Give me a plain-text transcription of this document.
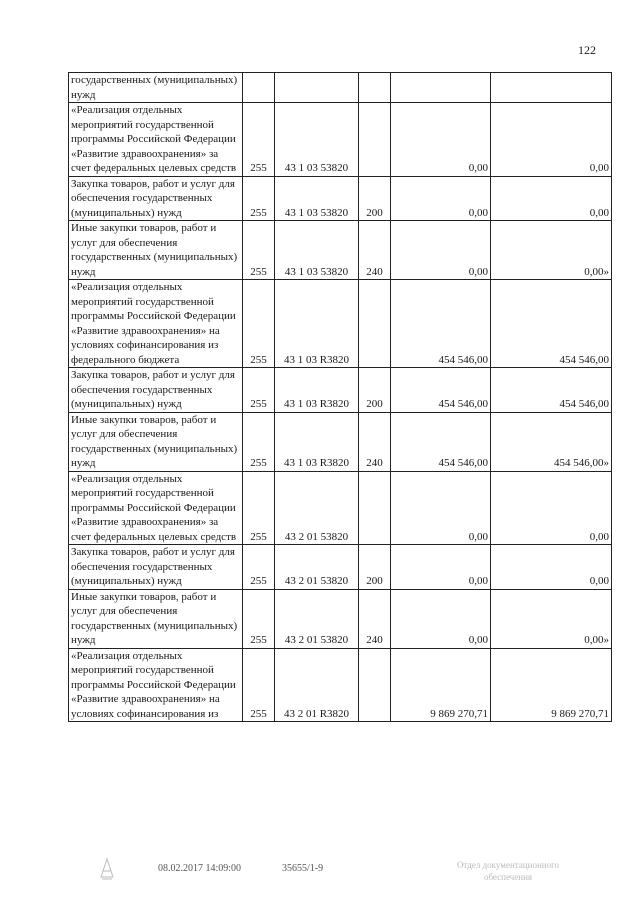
122
государственных (муниципальных) нужд					
«Реализация отдельных мероприятий государственной программы Российской Федерации «Развитие здравоохранения» за счет федеральных целевых средств	255	43 1 03 53820		0,00	0,00
Закупка товаров, работ и услуг для обеспечения государственных (муниципальных) нужд	255	43 1 03 53820	200	0,00	0,00
Иные закупки товаров, работ и услуг для обеспечения государственных (муниципальных) нужд	255	43 1 03 53820	240	0,00	0,00»
«Реализация отдельных мероприятий государственной программы Российской Федерации «Развитие здравоохранения» на условиях софинансирования из федерального бюджета	255	43 1 03 R3820		454 546,00	454 546,00
Закупка товаров, работ и услуг для обеспечения государственных (муниципальных) нужд	255	43 1 03 R3820	200	454 546,00	454 546,00
Иные закупки товаров, работ и услуг для обеспечения государственных (муниципальных) нужд	255	43 1 03 R3820	240	454 546,00	454 546,00»
«Реализация отдельных мероприятий государственной программы Российской Федерации «Развитие здравоохранения» за счет федеральных целевых средств	255	43 2 01 53820		0,00	0,00
Закупка товаров, работ и услуг для обеспечения государственных (муниципальных) нужд	255	43 2 01 53820	200	0,00	0,00
Иные закупки товаров, работ и услуг для обеспечения государственных (муниципальных) нужд	255	43 2 01 53820	240	0,00	0,00»
«Реализация отдельных мероприятий государственной программы Российской Федерации «Развитие здравоохранения» на условиях софинансирования из	255	43 2 01 R3820		9 869 270,71	9 869 270,71
08.02.2017 14:09:00	35655/1-9	Отдел документационного обеспечения
